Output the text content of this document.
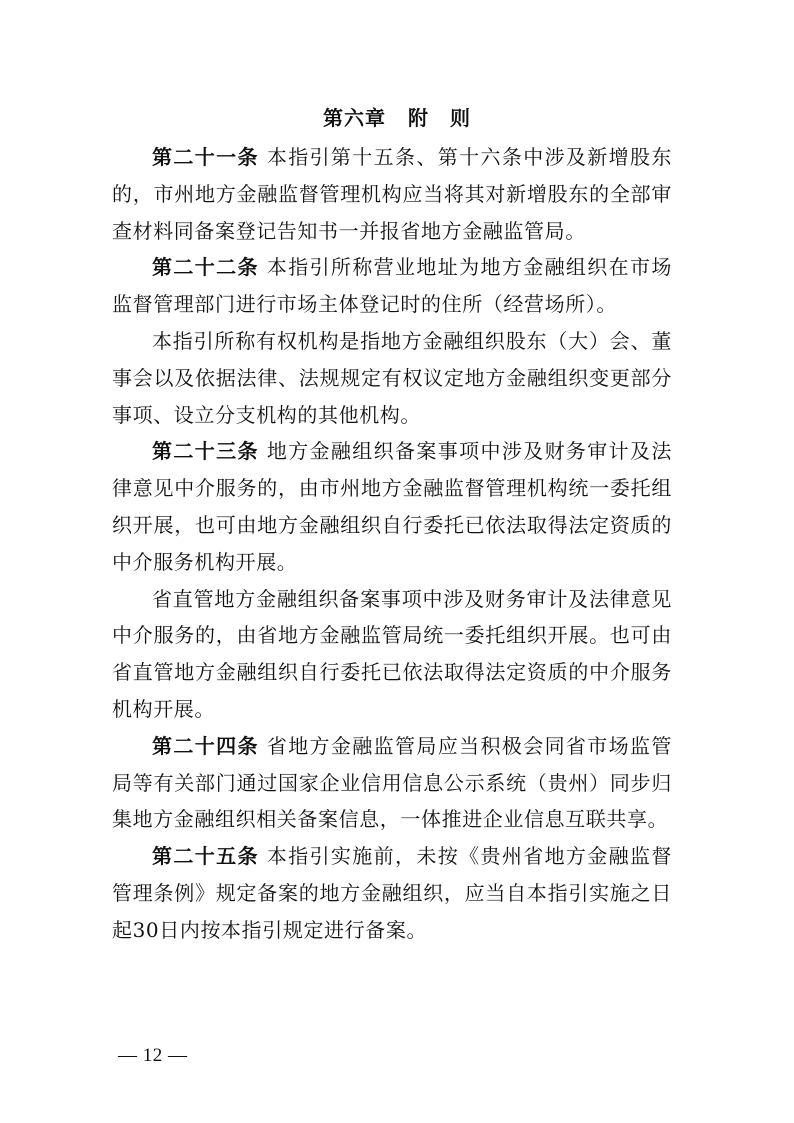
第六章 附　则

第二十一条 本指引第十五条、第十六条中涉及新增股东的，市州地方金融监督管理机构应当将其对新增股东的全部审查材料同备案登记告知书一并报省地方金融监管局。

第二十二条 本指引所称营业地址为地方金融组织在市场监督管理部门进行市场主体登记时的住所（经营场所）。

本指引所称有权机构是指地方金融组织股东（大）会、董事会以及依据法律、法规规定有权议定地方金融组织变更部分事项、设立分支机构的其他机构。

第二十三条 地方金融组织备案事项中涉及财务审计及法律意见中介服务的，由市州地方金融监督管理机构统一委托组织开展，也可由地方金融组织自行委托已依法取得法定资质的中介服务机构开展。

省直管地方金融组织备案事项中涉及财务审计及法律意见中介服务的，由省地方金融监管局统一委托组织开展。也可由省直管地方金融组织自行委托已依法取得法定资质的中介服务机构开展。

第二十四条 省地方金融监管局应当积极会同省市场监管局等有关部门通过国家企业信用信息公示系统（贵州）同步归集地方金融组织相关备案信息，一体推进企业信息互联共享。

第二十五条 本指引实施前，未按《贵州省地方金融监督管理条例》规定备案的地方金融组织，应当自本指引实施之日起30日内按本指引规定进行备案。

— 12 —
